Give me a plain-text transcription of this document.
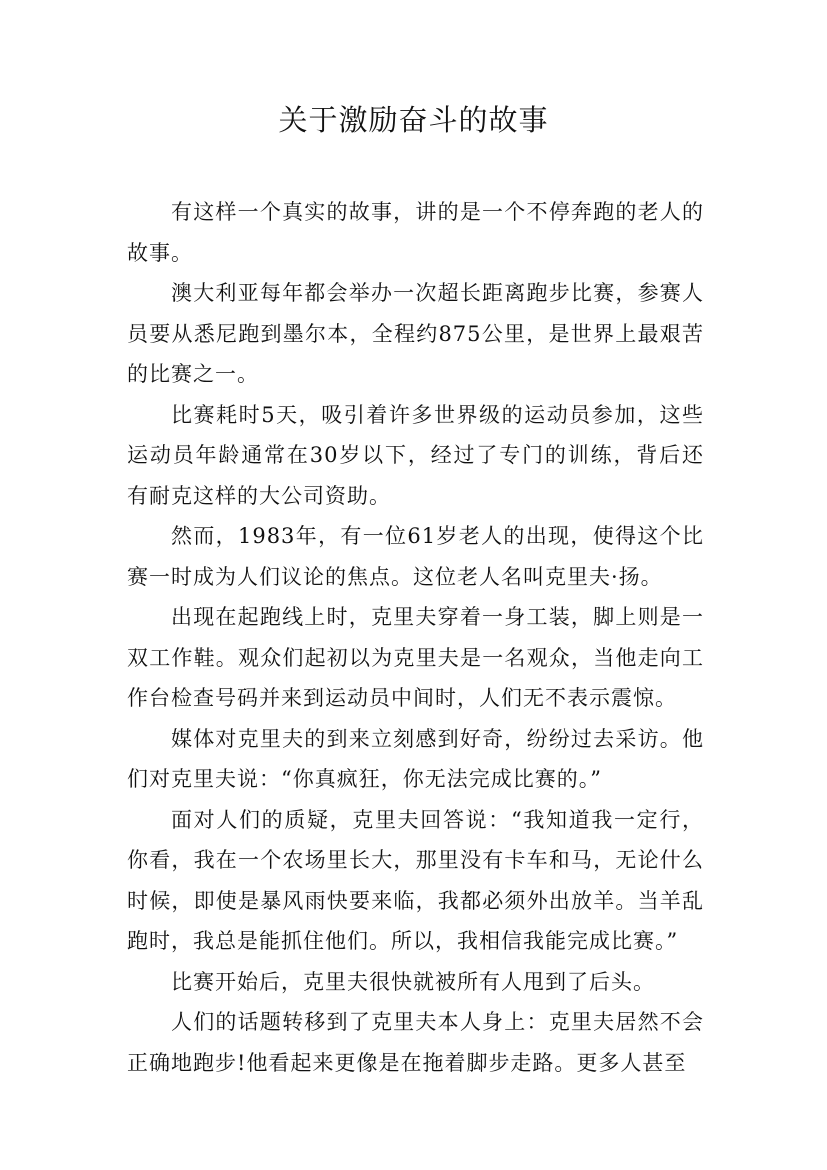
关于激励奋斗的故事

有这样一个真实的故事，讲的是一个不停奔跑的老人的故事。

澳大利亚每年都会举办一次超长距离跑步比赛，参赛人员要从悉尼跑到墨尔本，全程约875公里，是世界上最艰苦的比赛之一。

比赛耗时5天，吸引着许多世界级的运动员参加，这些运动员年龄通常在30岁以下，经过了专门的训练，背后还有耐克这样的大公司资助。

然而，1983年，有一位61岁老人的出现，使得这个比赛一时成为人们议论的焦点。这位老人名叫克里夫·扬。

出现在起跑线上时，克里夫穿着一身工装，脚上则是一双工作鞋。观众们起初以为克里夫是一名观众，当他走向工作台检查号码并来到运动员中间时，人们无不表示震惊。

媒体对克里夫的到来立刻感到好奇，纷纷过去采访。他们对克里夫说：“你真疯狂，你无法完成比赛的。”

面对人们的质疑，克里夫回答说：“我知道我一定行，你看，我在一个农场里长大，那里没有卡车和马，无论什么时候，即使是暴风雨快要来临，我都必须外出放羊。当羊乱跑时，我总是能抓住他们。所以，我相信我能完成比赛。”

比赛开始后，克里夫很快就被所有人甩到了后头。

人们的话题转移到了克里夫本人身上：克里夫居然不会正确地跑步!他看起来更像是在拖着脚步走路。更多人甚至
